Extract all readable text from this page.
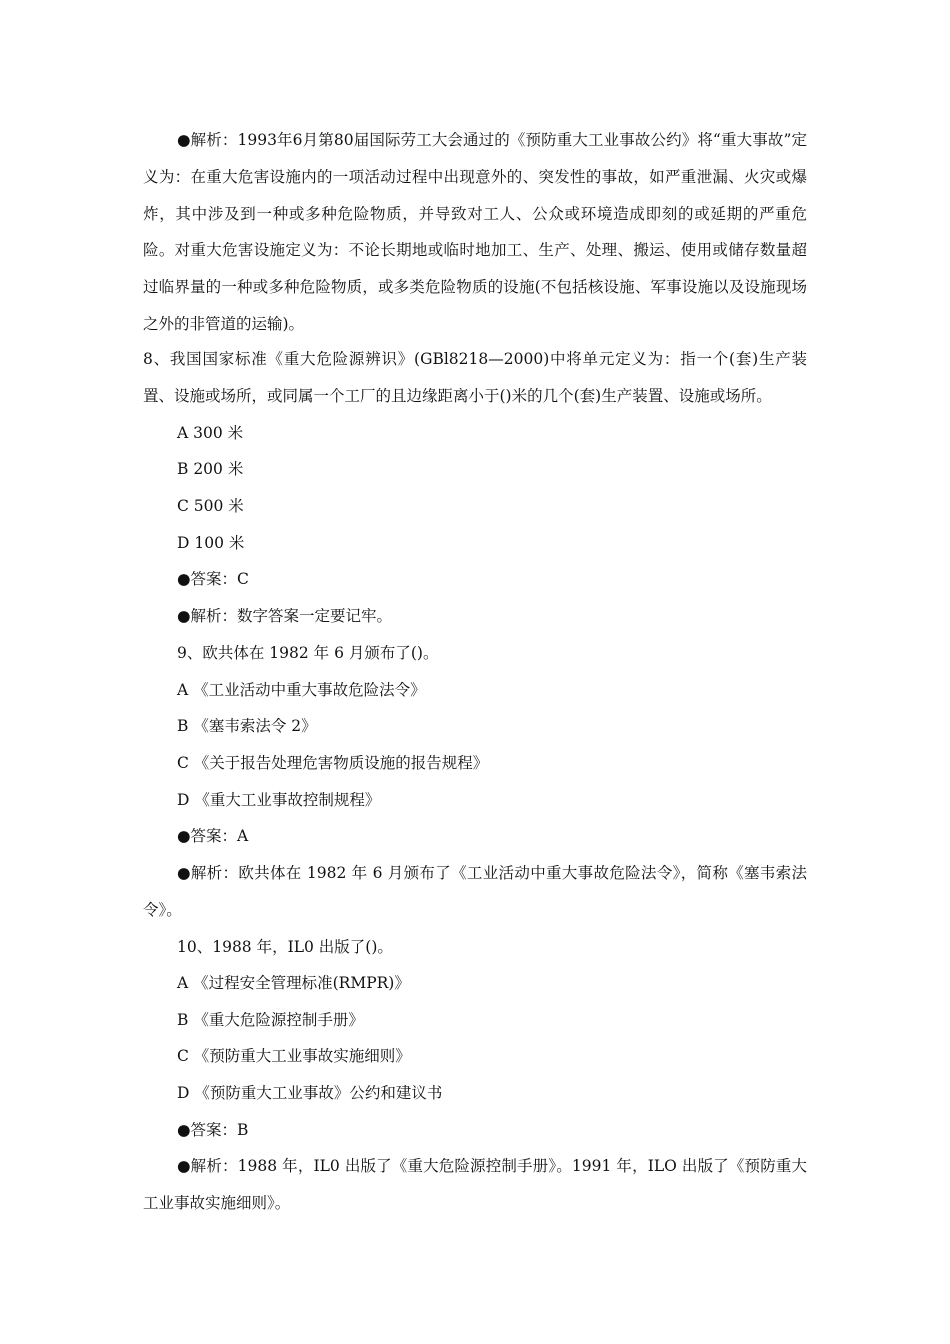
●解析：1993年6月第80届国际劳工大会通过的《预防重大工业事故公约》将“重大事故”定义为：在重大危害设施内的一项活动过程中出现意外的、突发性的事故，如严重泄漏、火灾或爆炸，其中涉及到一种或多种危险物质，并导致对工人、公众或环境造成即刻的或延期的严重危险。对重大危害设施定义为：不论长期地或临时地加工、生产、处理、搬运、使用或储存数量超过临界量的一种或多种危险物质，或多类危险物质的设施(不包括核设施、军事设施以及设施现场之外的非管道的运输)。
8、我国国家标准《重大危险源辨识》(GBl8218—2000)中将单元定义为：指一个(套)生产装置、设施或场所，或同属一个工厂的且边缘距离小于()米的几个(套)生产装置、设施或场所。
A 300 米
B 200 米
C 500 米
D 100 米
●答案：C
●解析：数字答案一定要记牢。
9、欧共体在 1982 年 6 月颁布了()。
A 《工业活动中重大事故危险法令》
B 《塞韦索法令 2》
C 《关于报告处理危害物质设施的报告规程》
D 《重大工业事故控制规程》
●答案：A
●解析：欧共体在 1982 年 6 月颁布了《工业活动中重大事故危险法令》，简称《塞韦索法令》。
10、1988 年，IL0 出版了()。
A 《过程安全管理标准(RMPR)》
B 《重大危险源控制手册》
C 《预防重大工业事故实施细则》
D 《预防重大工业事故》公约和建议书
●答案：B
●解析：1988 年，IL0 出版了《重大危险源控制手册》。1991 年，ILO 出版了《预防重大工业事故实施细则》。
